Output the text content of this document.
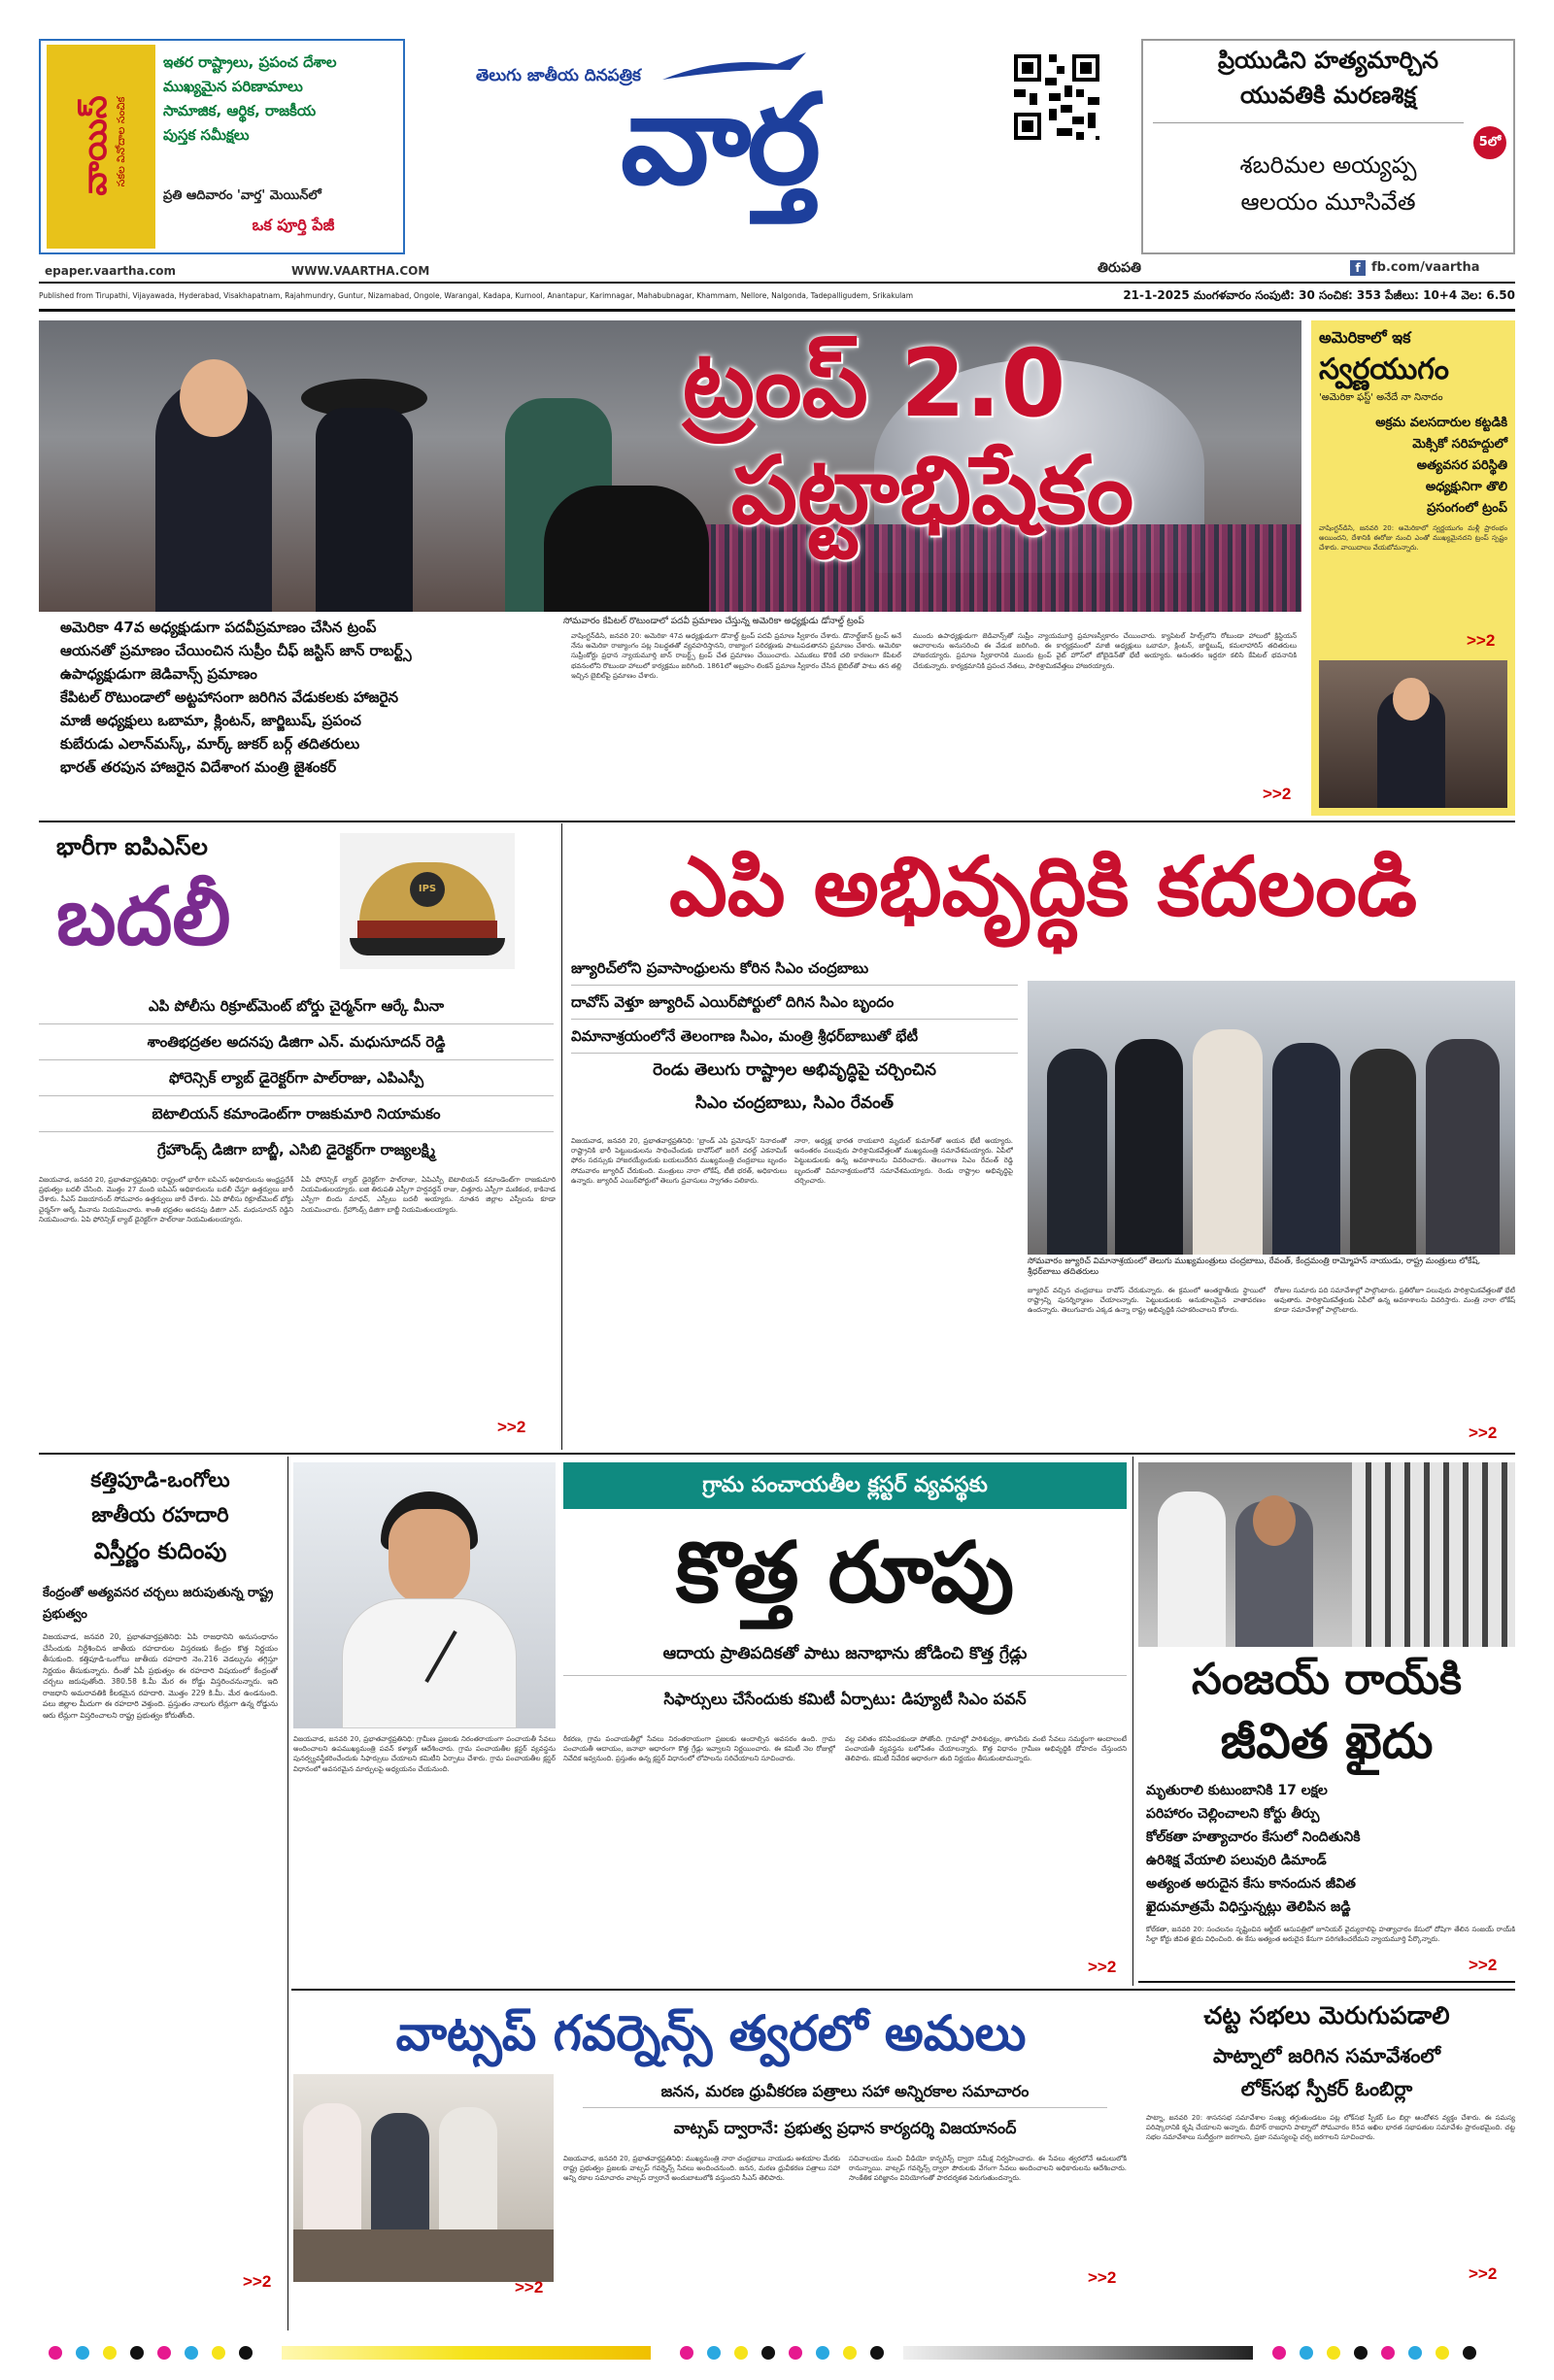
వాయిస్ సకల వినోదాల సంచిక
ఇతర రాష్ట్రాలు, ప్రపంచ దేశాల
ముఖ్యమైన పరిణామాలు
సామాజిక, ఆర్థిక, రాజకీయ
పుస్తక సమీక్షలు
ప్రతి ఆదివారం 'వార్త' మెయిన్‌లో
ఒక పూర్తి పేజీ
తెలుగు జాతీయ దినపత్రిక
వార్త
ప్రియుడిని హత్యమార్చిన
యువతికి మరణశిక్ష
5లో
శబరిమల అయ్యప్ప
ఆలయం మూసివేత
epaper.vaartha.com	WWW.VAARTHA.COM	తిరుపతి	f fb.com/vaartha
Published from Tirupathi, Vijayawada, Hyderabad, Visakhapatnam, Rajahmundry, Guntur, Nizamabad, Ongole, Warangal, Kadapa, Kurnool, Anantapur, Karimnagar, Mahabubnagar, Khammam, Nellore, Nalgonda, Tadepalligudem, Srikakulam	21-1-2025 మంగళవారం సంపుటి: 30 సంచిక: 353 పేజీలు: 10+4 వెల: 6.50
ట్రంప్ 2.0
పట్టాభిషేకం
సోమవారం కేపిటల్ రొటుండాలో పదవీ ప్రమాణం చేస్తున్న అమెరికా అధ్యక్షుడు డోనాల్డ్ ట్రంప్
అమెరికా 47వ అధ్యక్షుడుగా పదవీప్రమాణం చేసిన ట్రంప్
ఆయనతో ప్రమాణం చేయించిన సుప్రీం చీఫ్ జస్టిస్ జాన్ రాబర్ట్స్
ఉపాధ్యక్షుడుగా జెడివాన్స్ ప్రమాణం
కేపిటల్ రొటుండాలో అట్టహాసంగా జరిగిన వేడుకలకు హాజరైన
మాజీ అధ్యక్షులు ఒబామా, క్లింటన్, జార్జిబుష్, ప్రపంచ
కుబేరుడు ఎలాన్‌మస్క్, మార్క్ జుకర్ బర్గ్ తదితరులు
భారత్ తరపున హాజరైన విదేశాంగ మంత్రి జైశంకర్
వాషింగ్టన్‌డిసి, జనవరి 20: అమెరికా 47వ అధ్యక్షుడుగా డొనాల్డ్ ట్రంప్ పదవీ ప్రమాణ స్వీకారం చేశారు. డొనాల్డ్‌జాన్ ట్రంప్ అనే నేను అమెరికా రాజ్యాంగం పట్ల నిబద్ధతతో వ్యవహరిస్తానని, రాజ్యాంగ పరిరక్షణకు పాటుపడతానని ప్రమాణం చేశారు. అమెరికా సుప్రీంకోర్టు ప్రధాన న్యాయమూర్తి జాన్ రాబర్ట్స్ ట్రంప్ చేత ప్రమాణం చేయించారు. ఎముకలు కొరికే చలి కారణంగా కేపిటల్ భవనంలోని రొటుండా హాలులో కార్యక్రమం జరిగింది. 1861లో అబ్రహం లింకన్ ప్రమాణ స్వీకారం చేసిన బైబిల్‌తో పాటు తన తల్లి ఇచ్చిన బైబిల్‌పై ప్రమాణం చేశారు.
ముందు ఉపాధ్యక్షుడుగా జెడివాన్స్‌తో సుప్రీం న్యాయమూర్తి ప్రమాణస్వీకారం చేయించారు. క్యాపిటల్ హిల్స్‌లోని రోటుండా హాలులో క్రిస్టియన్ ఆచారాలను అనుసరించి ఈ వేడుక జరిగింది. ఈ కార్యక్రమంలో మాజీ అధ్యక్షులు ఒబామా, క్లింటన్, జార్జిబుష్, కమలాహారిస్ తదితరులు హాజరయ్యారు. ప్రమాణ స్వీకారానికి ముందు ట్రంప్ వైట్ హౌస్‌లో జోబైడెన్‌తో భేటీ అయ్యారు. అనంతరం ఇద్దరూ కలిసి కేపిటల్ భవనానికి చేరుకున్నారు. కార్యక్రమానికి ప్రపంచ నేతలు, పారిశ్రామికవేత్తలు హాజరయ్యారు.
>>2
అమెరికాలో ఇక
స్వర్ణయుగం
'అమెరికా ఫస్ట్' అనేదే నా నినాదం
అక్రమ వలసదారుల కట్టడికి
మెక్సికో సరిహద్దులో
అత్యవసర పరిస్థితి
అధ్యక్షునిగా తొలి
ప్రసంగంలో ట్రంప్
వాషింగ్టన్‌డిసి, జనవరి 20: అమెరికాలో స్వర్ణయుగం మళ్లీ ప్రారంభం అయిందని, దేశానికి ఈరోజు నుంచి ఎంతో ముఖ్యమైనదని ట్రంప్ స్పష్టం చేశారు. వాయిదాలు వేయబోమన్నారు.
>>2
భారీగా ఐపిఎస్‌ల
బదలీ	IPS
ఎపి పోలీసు రిక్రూట్‌మెంట్ బోర్డు చైర్మన్‌గా ఆర్కే మీనా
శాంతిభద్రతల అదనపు డిజిగా ఎన్. మధుసూదన్ రెడ్డి
ఫోరెన్సిక్ ల్యాబ్ డైరెక్టర్‌గా పాల్‌రాజు, ఎపిఎస్పీ
బెటాలియన్ కమాండెంట్‌గా రాజకుమారి నియామకం
గ్రేహౌండ్స్ డిజిగా బాబ్జీ, ఎసిబి డైరెక్టర్‌గా రాజ్యలక్ష్మి
విజయవాడ, జనవరి 20, ప్రభాతవార్తప్రతినిధి: రాష్ట్రంలో భారీగా ఐపిఎస్ అధికారులను ఆంధ్రప్రదేశ్ ప్రభుత్వం బదలీ చేసింది. మొత్తం 27 మంది ఐపిఎస్ అధికారులను బదలీ చేస్తూ ఉత్తర్వులు జారీ చేశారు. సీఎస్ విజయానంద్ సోమవారం ఉత్తర్వులు జారీ చేశారు. ఏపి పోలీసు రిక్రూట్‌మెంట్ బోర్డు చైర్మన్‌గా ఆర్కే మీనాను నియమించారు. శాంతి భద్రతల అదనపు డిజిగా ఎన్. మధుసూదన్ రెడ్డిని నియమించారు. ఏపి ఫోరెన్సిక్ ల్యాబ్ డైరెక్టర్‌గా పాల్‌రాజు నియమితులయ్యారు.
ఏపీ ఫోరెన్సిక్ ల్యాబ్ డైరెక్టర్‌గా పాల్‌రాజు, ఏపిఎస్పీ బెటాలియన్ కమాండెంట్‌గా రాజకుమారి నియమితులయ్యారు. ఐజి తిరుపతి ఎస్పీగా హర్షవర్ధన్ రాజు, చిత్తూరు ఎస్పీగా మణికంఠ, కాకినాడ ఎస్పీగా బిందు మాధవ్, ఎస్పీలు బదలీ అయ్యారు. నూతన జిల్లాల ఎస్పీలను కూడా నియమించారు. గ్రేహౌండ్స్ డిజిగా బాబ్జీ నియమితులయ్యారు.
>>2
ఎపి అభివృద్ధికి కదలండి
జ్యూరిచ్‌లోని ప్రవాసాంధ్రులను కోరిన సిఎం చంద్రబాబు
దావోస్ వెళ్తూ జ్యూరిచ్ ఎయిర్‌పోర్టులో దిగిన సిఎం బృందం
విమానాశ్రయంలోనే తెలంగాణ సిఎం, మంత్రి శ్రీధర్‌బాబుతో భేటీ
రెండు తెలుగు రాష్ట్రాల అభివృద్ధిపై చర్చించిన
సిఎం చంద్రబాబు, సిఎం రేవంత్
సోమవారం జ్యూరిచ్ విమానాశ్రయంలో తెలుగు ముఖ్యమంత్రులు చంద్రబాబు, రేవంత్, కేంద్రమంత్రి రామ్మోహన్ నాయుడు, రాష్ట్ర మంత్రులు లోకేష్, శ్రీధర్‌బాబు తదితరులు
విజయవాడ, జనవరి 20, ప్రభాతవార్తప్రతినిధి: 'బ్రాండ్ ఎపి ప్రమోషన్' నినాదంతో రాష్ట్రానికి భారీ పెట్టుబడులను సాధించేందుకు దావోస్‌లో జరిగే వరల్డ్ ఎకనామిక్ ఫోరం సదస్సుకు హాజరయ్యేందుకు బయలుదేరిన ముఖ్యమంత్రి చంద్రబాబు బృందం సోమవారం జ్యూరిచ్ చేరుకుంది. మంత్రులు నారా లోకేష్, టీజీ భరత్, అధికారులు ఉన్నారు. జ్యూరిచ్ ఎయిర్‌పోర్టులో తెలుగు ప్రవాసులు స్వాగతం పలికారు.
నారా, అధ్యక్ష భారత రాయబారి మృదుల్ కుమార్‌తో అయన భేటీ అయ్యారు. అనంతరం పలువురు పారిశ్రామికవేత్తలతో ముఖ్యమంత్రి సమావేశమయ్యారు. ఏపీలో పెట్టుబడులకు ఉన్న అవకాశాలను వివరించారు. తెలంగాణ సిఎం రేవంత్ రెడ్డి బృందంతో విమానాశ్రయంలోనే సమావేశమయ్యారు. రెండు రాష్ట్రాల అభివృద్ధిపై చర్చించారు.
జ్యూరిచ్ వచ్చిన చంద్రబాబు దావోస్ చేరుకున్నారు. ఈ క్రమంలో అంతర్జాతీయ స్థాయిలో రాష్ట్రాన్ని పునర్నిర్మాణం చేయాలన్నారు. పెట్టుబడులకు అనుకూలమైన వాతావరణం ఉందన్నారు. తెలుగువారు ఎక్కడ ఉన్నా రాష్ట్ర అభివృద్ధికి సహకరించాలని కోరారు.
రోజుల సుమారు పది సమావేశాల్లో పాల్గొంటారు. ప్రతిరోజూ పలువురు పారిశ్రామికవేత్తలతో భేటీ అవుతారు. పారిశ్రామికవేత్తలకు ఏపీలో ఉన్న అవకాశాలను వివరిస్తారు. మంత్రి నారా లోకేష్ కూడా సమావేశాల్లో పాల్గొంటారు.
>>2
కత్తిపూడి-ఒంగోలు
జాతీయ రహదారి
విస్తీర్ణం కుదింపు
కేంద్రంతో అత్యవసర చర్చలు జరుపుతున్న రాష్ట్ర ప్రభుత్వం
విజయవాడ, జనవరి 20, ప్రభాతవార్తప్రతినిధి: ఏపి రాజధానిని అనుసంధానం చేసేందుకు నిర్దేశించిన జాతీయ రహదారుల విస్తరణకు కేంద్రం కొత్త నిర్ణయం తీసుకుంది. కత్తిపూడి-ఒంగోలు జాతీయ రహదారి నెం.216 వెడల్పును తగ్గిస్తూ నిర్ణయం తీసుకున్నారు. దీంతో ఏపీ ప్రభుత్వం ఈ రహదారి విషయంలో కేంద్రంతో చర్చలు జరుపుతోంది. 380.58 కి.మీ మేర ఈ రోడ్డు విస్తరించనున్నారు. ఇది రాజధాని అమరావతికి కీలకమైన రహదారి. మొత్తం 229 కి.మీ. మేర ఉండనుంది. పలు జిల్లాల మీదుగా ఈ రహదారి వెళ్తుంది. ప్రస్తుతం నాలుగు లేన్లుగా ఉన్న రోడ్డును ఆరు లేన్లుగా విస్తరించాలని రాష్ట్ర ప్రభుత్వం కోరుతోంది.
>>2
గ్రామ పంచాయతీల క్లస్టర్ వ్యవస్థకు
కొత్త రూపు
ఆదాయ ప్రాతిపదికతో పాటు జనాభాను జోడించి కొత్త గ్రేడ్లు
సిఫార్సులు చేసేందుకు కమిటీ ఏర్పాటు: డిప్యూటీ సిఎం పవన్
విజయవాడ, జనవరి 20, ప్రభాతవార్తప్రతినిధి: గ్రామీణ ప్రజలకు నిరంతరాయంగా పంచాయతీ సేవలు అందించాలని ఉపముఖ్యమంత్రి పవన్ కళ్యాణ్ ఆదేశించారు. గ్రామ పంచాయతీల క్లస్టర్ వ్యవస్థను పునర్వ్యవస్థీకరించేందుకు సిఫార్సులు చేయాలని కమిటీని ఏర్పాటు చేశారు. గ్రామ పంచాయతీల క్లస్టర్ విధానంలో అవసరమైన మార్పులపై అధ్యయనం చేయనుంది.
రీకరణ, గ్రామ పంచాయతీల్లో సేవలు నిరంతరాయంగా ప్రజలకు అందాల్సిన అవసరం ఉంది. గ్రామ పంచాయతీ ఆదాయం, జనాభా ఆధారంగా కొత్త గ్రేడ్లు ఇవ్వాలని నిర్ణయించారు. ఈ కమిటీ నెల రోజుల్లో నివేదిక ఇవ్వనుంది. ప్రస్తుతం ఉన్న క్లస్టర్ విధానంలో లోపాలను సరిచేయాలని సూచించారు.
వల్ల పలితం కనిపించకుండా పోతోంది. గ్రామాల్లో పారిశుధ్యం, తాగునీరు వంటి సేవలు సమర్థంగా అందాలంటే పంచాయతీ వ్యవస్థను బలోపేతం చేయాలన్నారు. కొత్త విధానం గ్రామీణ అభివృద్ధికి దోహదం చేస్తుందని తెలిపారు. కమిటీ నివేదిక ఆధారంగా తుది నిర్ణయం తీసుకుంటామన్నారు.
>>2
సంజయ్ రాయ్‌కి
జీవిత ఖైదు
మృతురాలి కుటుంబానికి 17 లక్షల
పరిహారం చెల్లించాలని కోర్టు తీర్పు
కోల్‌కతా హత్యాచారం కేసులో నిందితునికి
ఉరిశిక్ష వేయాలి పలువురి డిమాండ్
అత్యంత అరుదైన కేసు కానందున జీవిత
ఖైదుమాత్రమే విధిస్తున్నట్లు తెలిపిన జడ్జి
కోల్‌కతా, జనవరి 20: సంచలనం సృష్టించిన ఆర్జీకర్ ఆసుపత్రిలో జూనియర్ వైద్యురాలిపై హత్యాచారం కేసులో దోషిగా తేలిన సంజయ్ రాయ్‌కి సీల్దా కోర్టు జీవిత ఖైదు విధించింది. ఈ కేసు అత్యంత అరుదైన కేసుగా పరిగణించలేమని న్యాయమూర్తి పేర్కొన్నారు.
>>2
వాట్సప్ గవర్నెన్స్ త్వరలో అమలు
జనన, మరణ ధ్రువీకరణ పత్రాలు సహా అన్నిరకాల సమాచారం
వాట్సప్ ద్వారానే: ప్రభుత్వ ప్రధాన కార్యదర్శి విజయానంద్
విజయవాడ, జనవరి 20, ప్రభాతవార్తప్రతినిధి: ముఖ్యమంత్రి నారా చంద్రబాబు నాయుడు ఆశయాల మేరకు రాష్ట్ర ప్రభుత్వం ప్రజలకు వాట్సప్ గవర్నెన్స్ సేవలు అందించనుంది. జనన, మరణ ధ్రువీకరణ పత్రాలు సహా అన్ని రకాల సమాచారం వాట్సప్ ద్వారానే అందుబాటులోకి వస్తుందని సీఎస్ తెలిపారు.
సచివాలయం నుంచి వీడియో కాన్ఫరెన్స్ ద్వారా సమీక్ష నిర్వహించారు. ఈ సేవలు త్వరలోనే అమలులోకి రానున్నాయి. వాట్సప్ గవర్నెన్స్ ద్వారా పౌరులకు వేగంగా సేవలు అందించాలని అధికారులను ఆదేశించారు. సాంకేతిక పరిజ్ఞానం వినియోగంతో పారదర్శకత పెరుగుతుందన్నారు.
>>2
>>2
చట్ట సభలు మెరుగుపడాలి
పాట్నాలో జరిగిన సమావేశంలో
లోక్‌సభ స్పీకర్ ఓంబిర్లా
పాట్నా, జనవరి 20: శాసనసభ సమావేశాల సంఖ్య తగ్గుతుండటం పట్ల లోక్‌సభ స్పీకర్ ఓం బిర్లా ఆందోళన వ్యక్తం చేశారు. ఈ సమస్య పరిష్కారానికి కృషి చేయాలని అన్నారు. బీహార్ రాజధాని పాట్నాలో సోమవారం 85వ అఖిల భారత సభాపతుల సమావేశం ప్రారంభమైంది. చట్ట సభల సమావేశాలు సుదీర్ఘంగా జరగాలని, ప్రజా సమస్యలపై చర్చ జరగాలని సూచించారు.
>>2
